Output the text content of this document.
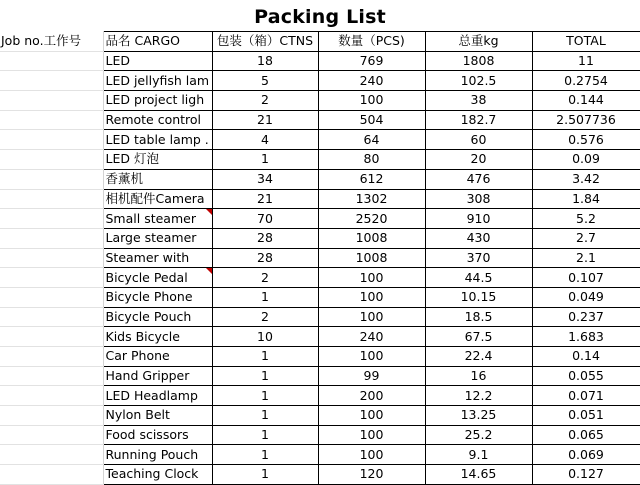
Packing List
Job no.工作号	品名 CARGO	包装（箱）CTNS	数量（PCS)	总重kg	TOTAL
	LED	18	769	1808	11
	LED jellyfish lam	5	240	102.5	0.2754
	LED project ligh	2	100	38	0.144
	Remote control	21	504	182.7	2.507736
	LED table lamp .	4	64	60	0.576
	LED 灯泡	1	80	20	0.09
	香薰机	34	612	476	3.42
	相机配件Camera	21	1302	308	1.84
	Small steamer	70	2520	910	5.2
	Large steamer	28	1008	430	2.7
	Steamer with	28	1008	370	2.1
	Bicycle Pedal	2	100	44.5	0.107
	Bicycle Phone	1	100	10.15	0.049
	Bicycle Pouch	2	100	18.5	0.237
	Kids Bicycle	10	240	67.5	1.683
	Car Phone	1	100	22.4	0.14
	Hand Gripper	1	99	16	0.055
	LED Headlamp	1	200	12.2	0.071
	Nylon Belt	1	100	13.25	0.051
	Food scissors	1	100	25.2	0.065
	Running Pouch	1	100	9.1	0.069
	Teaching Clock	1	120	14.65	0.127
